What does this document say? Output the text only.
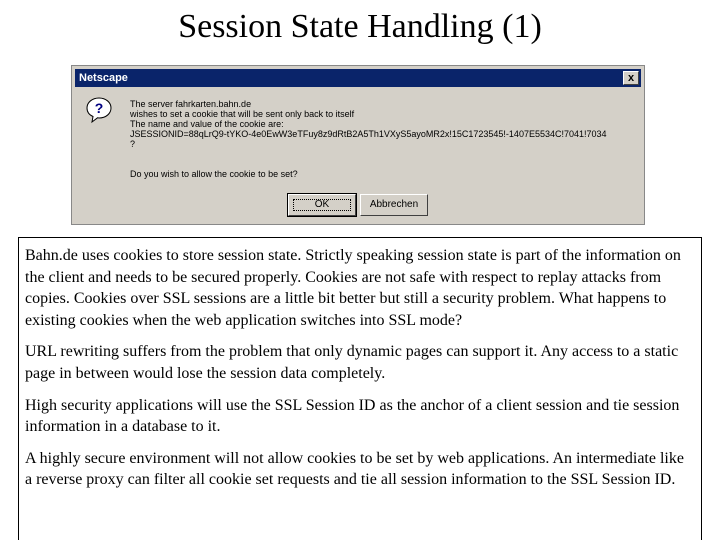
Session State Handling (1)
Netscape	x
?	The server fahrkarten.bahn.de
wishes to set a cookie that will be sent only back to itself
The name and value of the cookie are:
JSESSIONID=88qLrQ9-tYKO-4e0EwW3eTFuy8z9dRtB2A5Th1VXyS5ayoMR2x!15C1723545!-1407E5534C!7041!7034
?
Do you wish to allow the cookie to be set?
OK	Abbrechen

Bahn.de uses cookies to store session state. Strictly speaking session state is part of the information on the client and needs to be secured properly. Cookies are not safe with respect to replay attacks from copies. Cookies over SSL sessions are a little bit better but still a security problem. What happens to existing cookies when the web application switches into SSL mode?

URL rewriting suffers from the problem that only dynamic pages can support it. Any access to a static page in between would lose the session data completely.

High security applications will use the SSL Session ID as the anchor of a client session and tie session information in a database to it.

A highly secure environment will not allow cookies to be set by web applications. An intermediate like a reverse proxy can filter all cookie set requests and tie all session information to the SSL Session ID.
